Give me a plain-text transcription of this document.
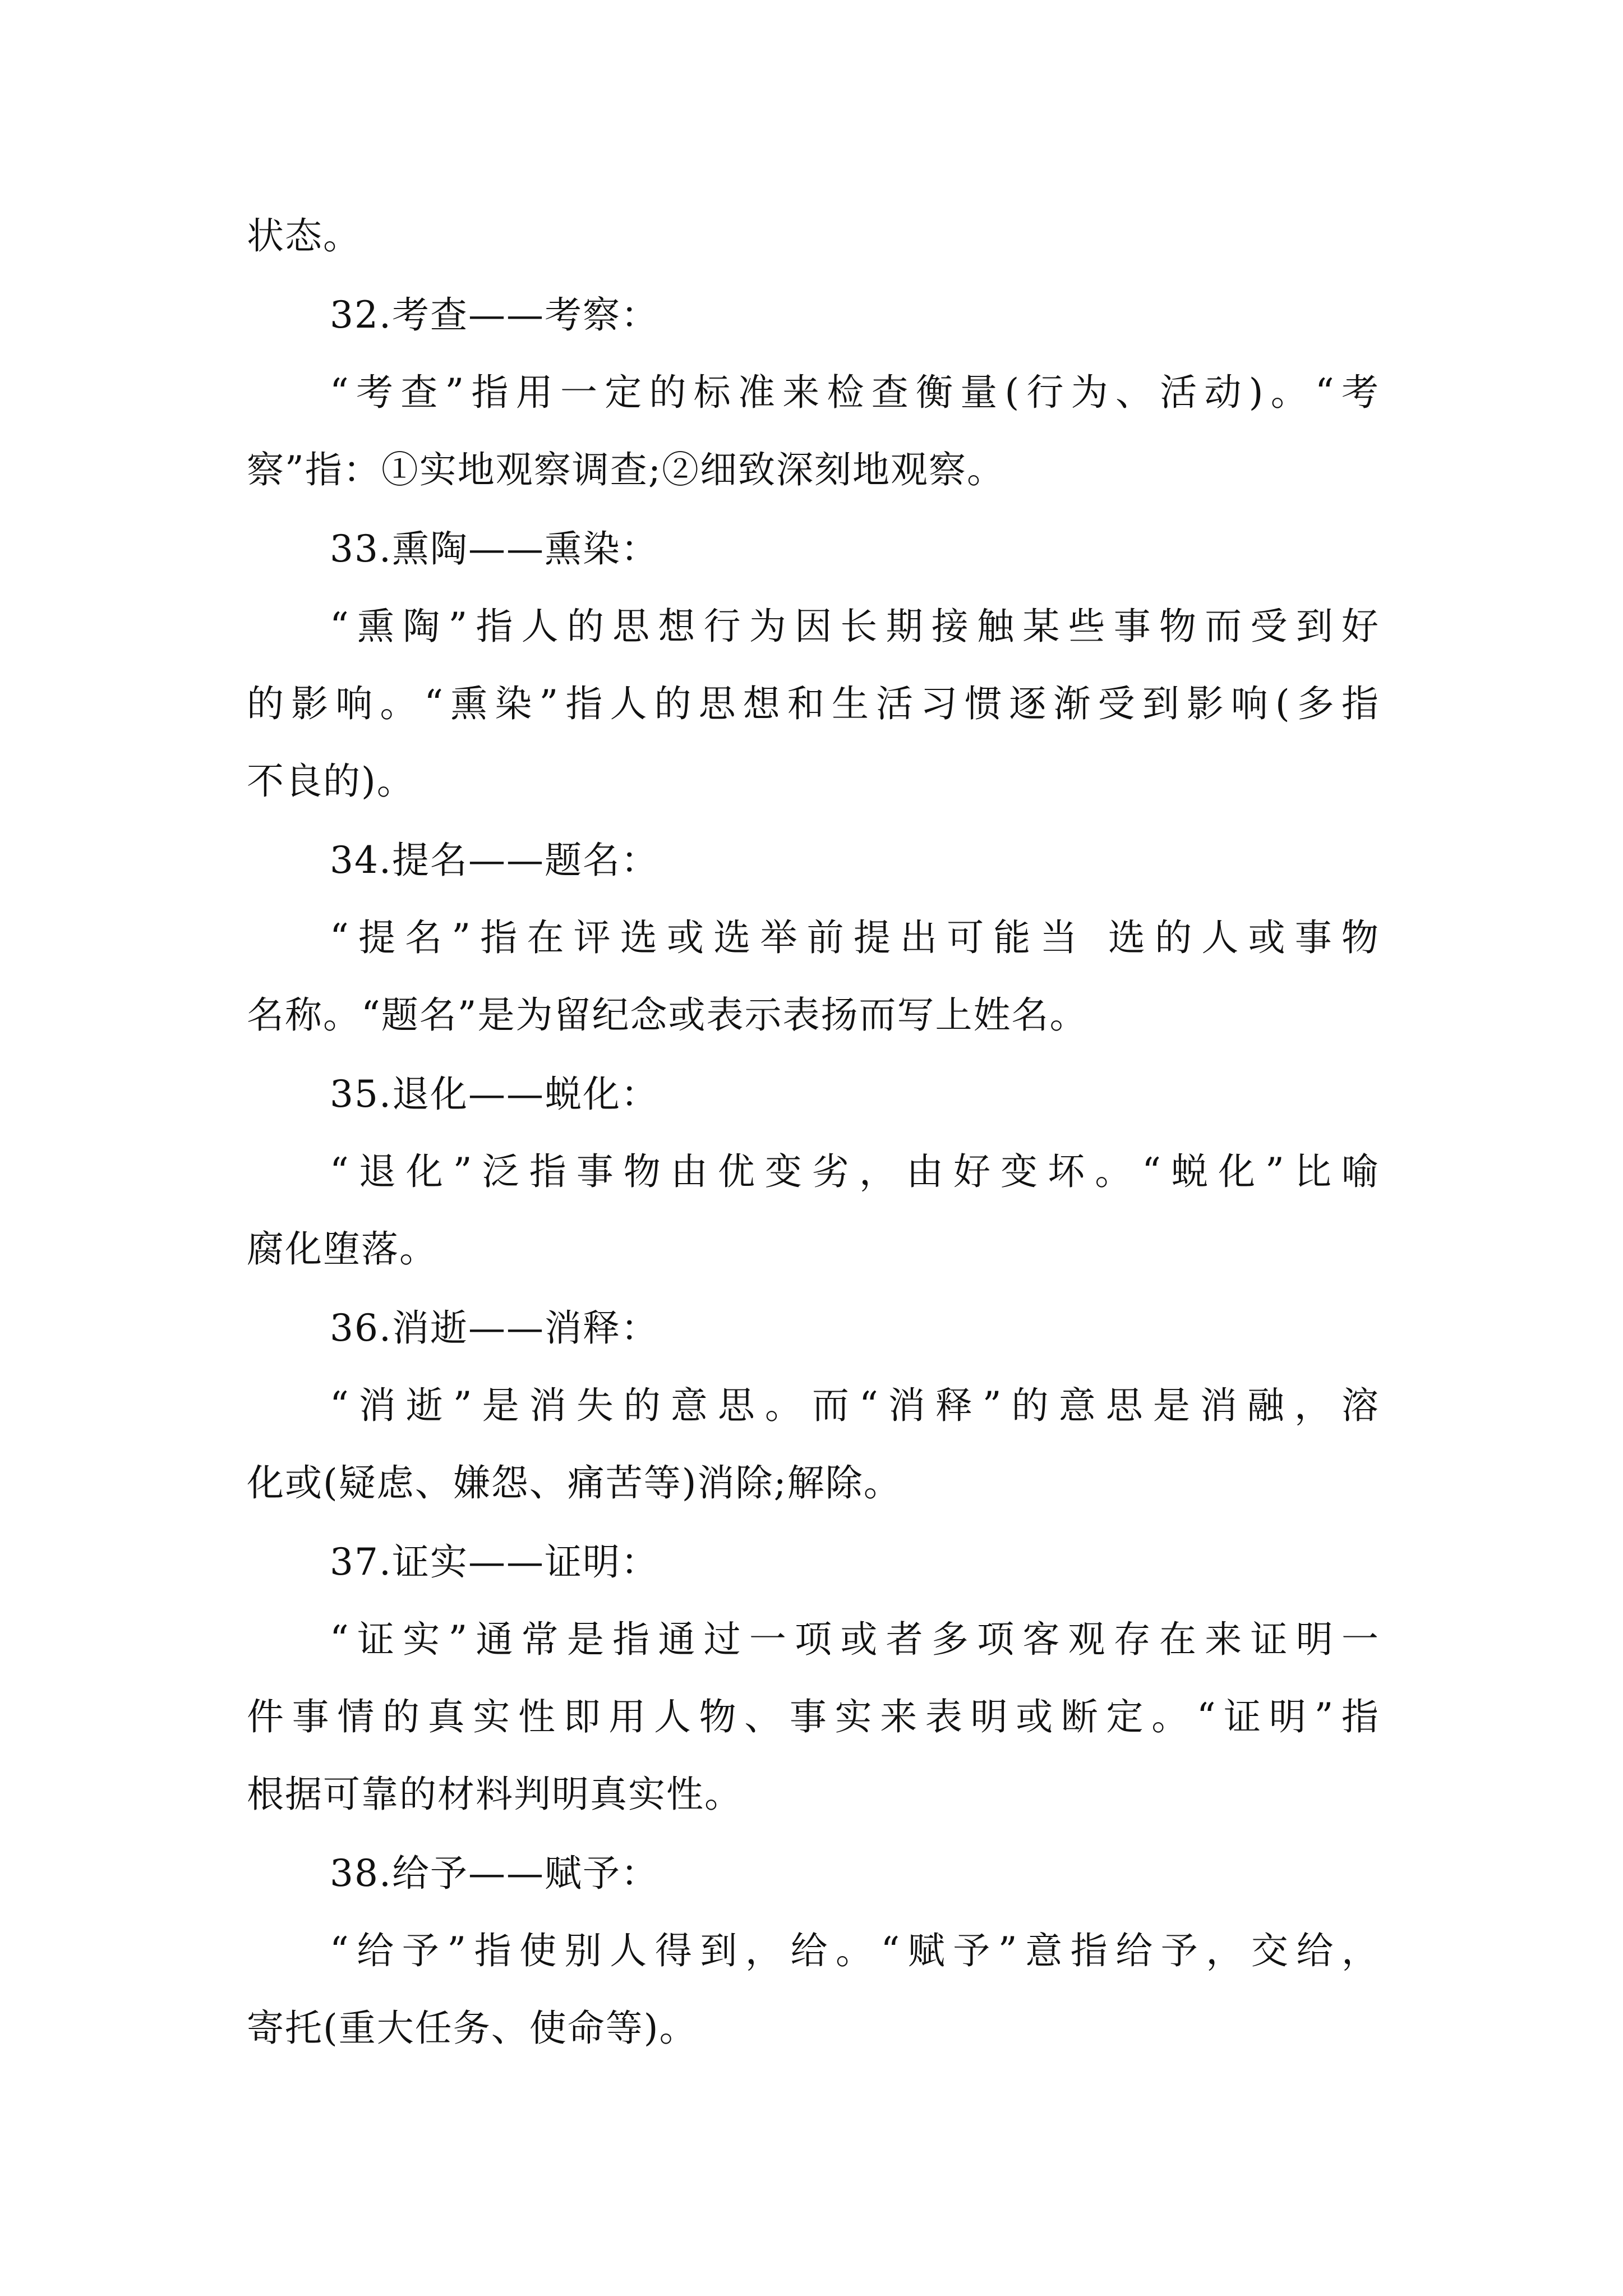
状态。
32.考查——考察：
“考查”指用一定的标准来检查衡量(行为、活动)。“考
察”指：①实地观察调查;②细致深刻地观察。
33.熏陶——熏染：
“熏陶”指人的思想行为因长期接触某些事物而受到好
的影响。“熏染”指人的思想和生活习惯逐渐受到影响(多指
不良的)。
34.提名——题名：
“提名”指在评选或选举前提出可能当 选的人或事物
名称。“题名”是为留纪念或表示表扬而写上姓名。
35.退化——蜕化：
“退化”泛指事物由优变劣，由好变坏。“蜕化”比喻
腐化堕落。
36.消逝——消释：
“消逝”是消失的意思。而“消释”的意思是消融，溶
化或(疑虑、嫌怨、痛苦等)消除;解除。
37.证实——证明：
“证实”通常是指通过一项或者多项客观存在来证明一
件事情的真实性即用人物、事实来表明或断定。“证明”指
根据可靠的材料判明真实性。
38.给予——赋予：
“给予”指使别人得到，给。“赋予”意指给予，交给，
寄托(重大任务、使命等)。
